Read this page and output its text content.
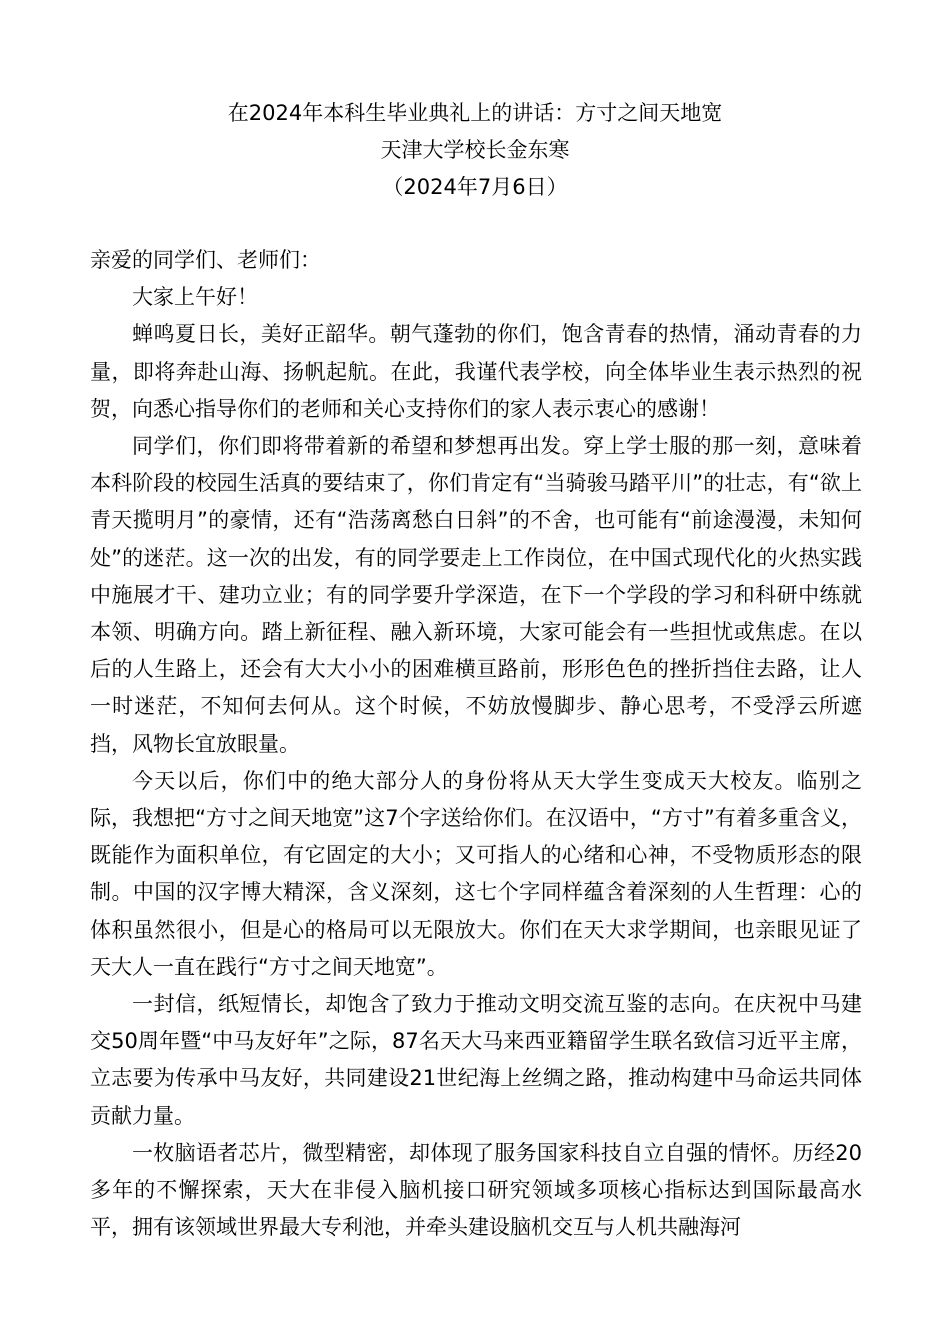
在2024年本科生毕业典礼上的讲话：方寸之间天地宽
天津大学校长金东寒
（2024年7月6日）

亲爱的同学们、老师们：

大家上午好！

蝉鸣夏日长，美好正韶华。朝气蓬勃的你们，饱含青春的热情，涌动青春的力量，即将奔赴山海、扬帆起航。在此，我谨代表学校，向全体毕业生表示热烈的祝贺，向悉心指导你们的老师和关心支持你们的家人表示衷心的感谢！

同学们，你们即将带着新的希望和梦想再出发。穿上学士服的那一刻，意味着本科阶段的校园生活真的要结束了，你们肯定有“当骑骏马踏平川”的壮志，有“欲上青天揽明月”的豪情，还有“浩荡离愁白日斜”的不舍，也可能有“前途漫漫，未知何处”的迷茫。这一次的出发，有的同学要走上工作岗位，在中国式现代化的火热实践中施展才干、建功立业；有的同学要升学深造，在下一个学段的学习和科研中练就本领、明确方向。踏上新征程、融入新环境，大家可能会有一些担忧或焦虑。在以后的人生路上，还会有大大小小的困难横亘路前，形形色色的挫折挡住去路，让人一时迷茫，不知何去何从。这个时候，不妨放慢脚步、静心思考，不受浮云所遮挡，风物长宜放眼量。

今天以后，你们中的绝大部分人的身份将从天大学生变成天大校友。临别之际，我想把“方寸之间天地宽”这7个字送给你们。在汉语中，“方寸”有着多重含义，既能作为面积单位，有它固定的大小；又可指人的心绪和心神，不受物质形态的限制。中国的汉字博大精深，含义深刻，这七个字同样蕴含着深刻的人生哲理：心的体积虽然很小，但是心的格局可以无限放大。你们在天大求学期间，也亲眼见证了天大人一直在践行“方寸之间天地宽”。

一封信，纸短情长，却饱含了致力于推动文明交流互鉴的志向。在庆祝中马建交50周年暨“中马友好年”之际，87名天大马来西亚籍留学生联名致信习近平主席，立志要为传承中马友好，共同建设21世纪海上丝绸之路，推动构建中马命运共同体贡献力量。

一枚脑语者芯片，微型精密，却体现了服务国家科技自立自强的情怀。历经20多年的不懈探索，天大在非侵入脑机接口研究领域多项核心指标达到国际最高水平，拥有该领域世界最大专利池，并牵头建设脑机交互与人机共融海河
